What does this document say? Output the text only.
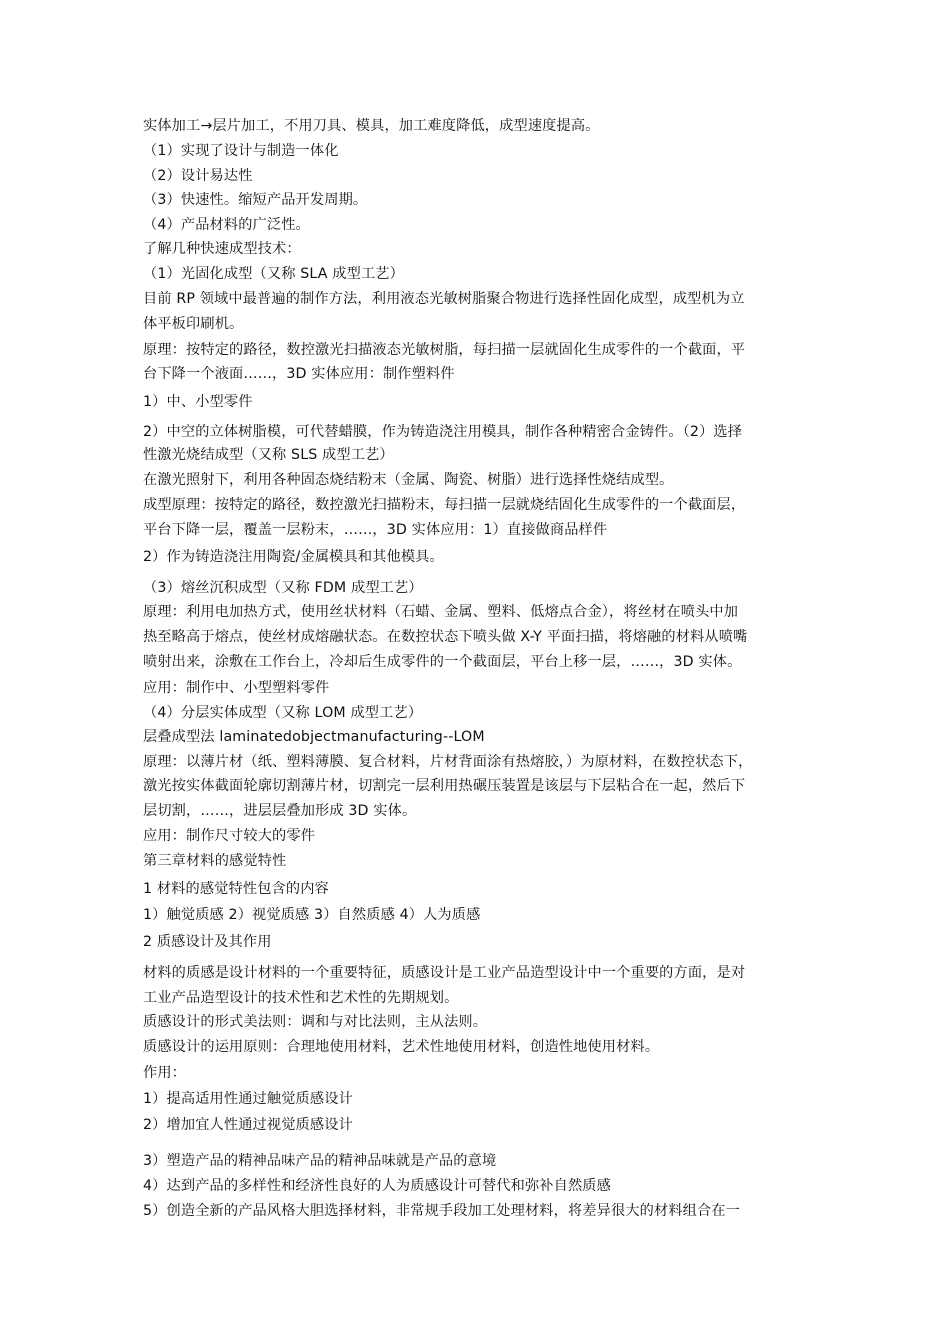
实体加工→层片加工，不用刀具、模具，加工难度降低，成型速度提高。
（1）实现了设计与制造一体化
（2）设计易达性
（3）快速性。缩短产品开发周期。
（4）产品材料的广泛性。
了解几种快速成型技术：
（1）光固化成型（又称 SLA 成型工艺）
目前 RP 领域中最普遍的制作方法，利用液态光敏树脂聚合物进行选择性固化成型，成型机为立
体平板印刷机。
原理：按特定的路径，数控激光扫描液态光敏树脂，每扫描一层就固化生成零件的一个截面，平
台下降一个液面……，3D 实体应用：制作塑料件
1）中、小型零件
2）中空的立体树脂模，可代替蜡膜，作为铸造浇注用模具，制作各种精密合金铸件。（2）选择
性激光烧结成型（又称 SLS 成型工艺）
在激光照射下，利用各种固态烧结粉末（金属、陶瓷、树脂）进行选择性烧结成型。
成型原理：按特定的路径，数控激光扫描粉末，每扫描一层就烧结固化生成零件的一个截面层，
平台下降一层，覆盖一层粉末，……，3D 实体应用：1）直接做商品样件
2）作为铸造浇注用陶瓷/金属模具和其他模具。
（3）熔丝沉积成型（又称 FDM 成型工艺）
原理：利用电加热方式，使用丝状材料（石蜡、金属、塑料、低熔点合金），将丝材在喷头中加
热至略高于熔点，使丝材成熔融状态。在数控状态下喷头做 X-Y 平面扫描，将熔融的材料从喷嘴
喷射出来，涂敷在工作台上，冷却后生成零件的一个截面层，平台上移一层，……，3D 实体。
应用：制作中、小型塑料零件
（4）分层实体成型（又称 LOM 成型工艺）
层叠成型法 laminatedobjectmanufacturing--LOM
原理：以薄片材（纸、塑料薄膜、复合材料，片材背面涂有热熔胶，）为原材料，在数控状态下，
激光按实体截面轮廓切割薄片材，切割完一层利用热碾压装置是该层与下层粘合在一起，然后下
层切割，……，进层层叠加形成 3D 实体。
应用：制作尺寸较大的零件
第三章材料的感觉特性
1 材料的感觉特性包含的内容
1）触觉质感 2）视觉质感 3）自然质感 4）人为质感
2 质感设计及其作用
材料的质感是设计材料的一个重要特征，质感设计是工业产品造型设计中一个重要的方面，是对
工业产品造型设计的技术性和艺术性的先期规划。
质感设计的形式美法则：调和与对比法则，主从法则。
质感设计的运用原则：合理地使用材料，艺术性地使用材料，创造性地使用材料。
作用：
1）提高适用性通过触觉质感设计
2）增加宜人性通过视觉质感设计
3）塑造产品的精神品味产品的精神品味就是产品的意境
4）达到产品的多样性和经济性良好的人为质感设计可替代和弥补自然质感
5）创造全新的产品风格大胆选择材料，非常规手段加工处理材料，将差异很大的材料组合在一
